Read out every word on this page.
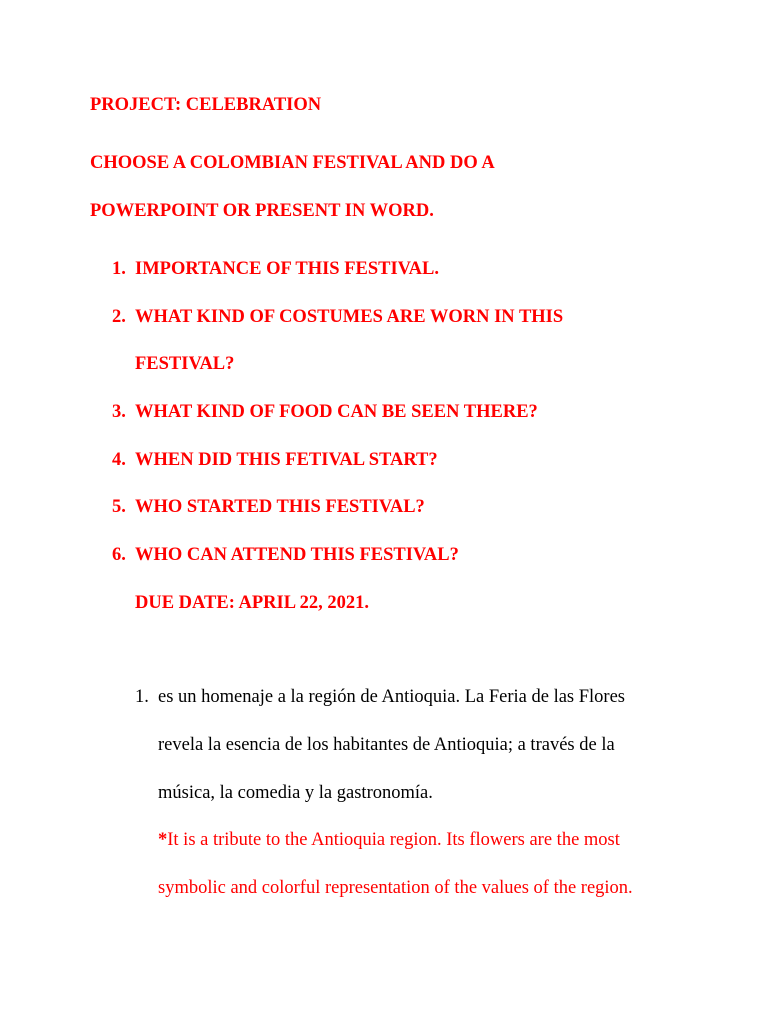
PROJECT: CELEBRATION
CHOOSE A COLOMBIAN FESTIVAL AND DO A
POWERPOINT OR PRESENT IN WORD.
1. IMPORTANCE OF THIS FESTIVAL.
2. WHAT KIND OF COSTUMES ARE WORN IN THIS
FESTIVAL?
3. WHAT KIND OF FOOD CAN BE SEEN THERE?
4. WHEN DID THIS FETIVAL START?
5. WHO STARTED THIS FESTIVAL?
6. WHO CAN ATTEND THIS FESTIVAL?
DUE DATE: APRIL 22, 2021.
1. es un homenaje a la región de Antioquia. La Feria de las Flores
revela la esencia de los habitantes de Antioquia; a través de la
música, la comedia y la gastronomía.
*It is a tribute to the Antioquia region. Its flowers are the most
symbolic and colorful representation of the values of the region.
